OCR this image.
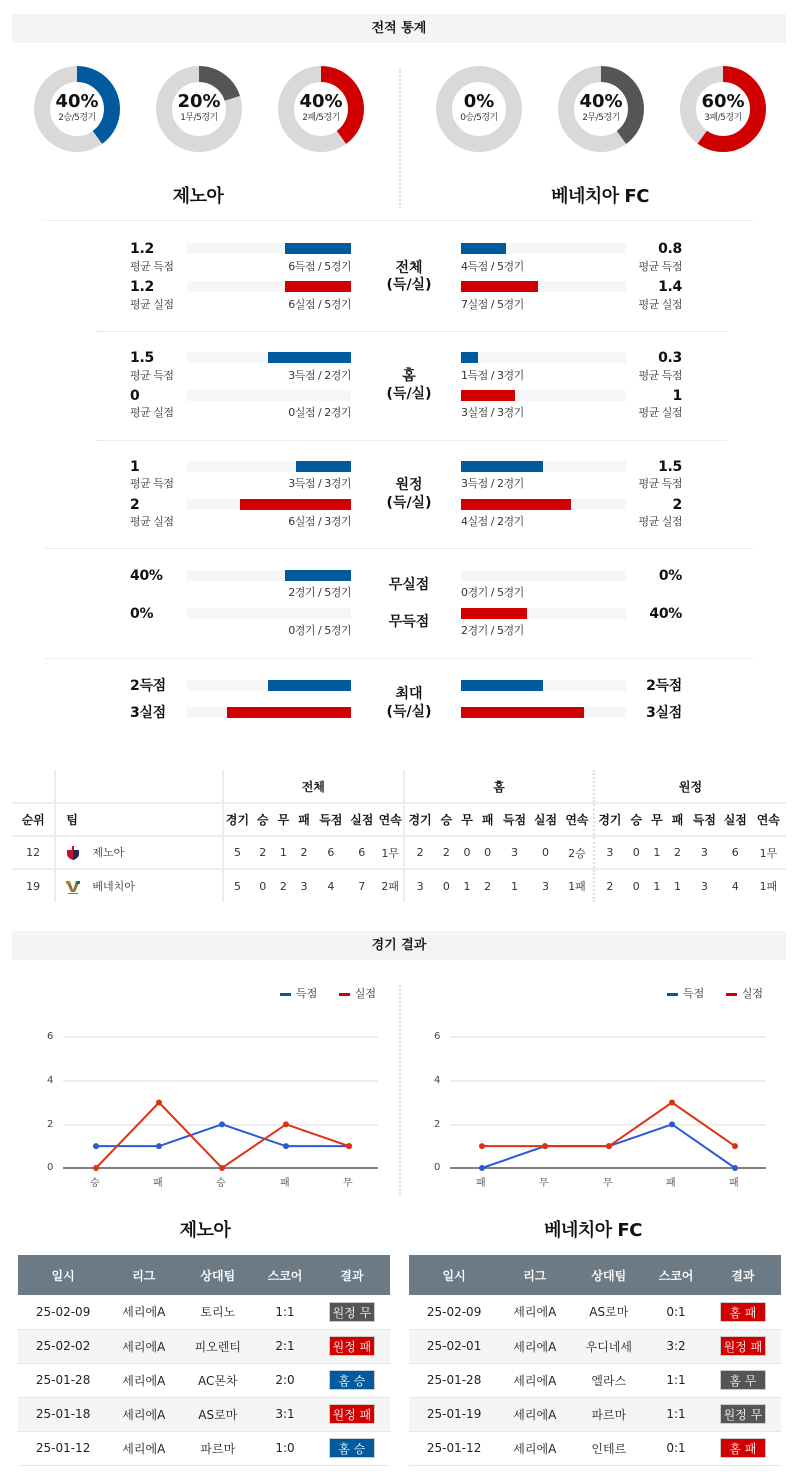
전적 통계
40%
2승/5경기
20%
1무/5경기
40%
2패/5경기
0%
0승/5경기
40%
2무/5경기
60%
3패/5경기
제노아	베네치아 FC
1.2
평균 득점	6득점 / 5경기
1.2
평균 실점	6실점 / 5경기
전체
(득/실)
4득점 / 5경기
0.8
평균 득점
7실점 / 5경기
1.4
평균 실점
1.5
평균 득점	3득점 / 2경기
0
평균 실점	0실점 / 2경기
홈
(득/실)
1득점 / 3경기
0.3
평균 득점
3실점 / 3경기
1
평균 실점
1
평균 득점	3득점 / 3경기
2
평균 실점	6실점 / 3경기
원정
(득/실)
3득점 / 2경기
1.5
평균 득점
4실점 / 2경기
2
평균 실점
40%
2경기 / 5경기
0%
0경기 / 5경기
무실점
무득점
0경기 / 5경기
0%
2경기 / 5경기
40%
2득점
3실점
최대
(득/실)
2득점
3실점
		전체							홈							원정						
순위	팀	경기	승	무	패	득점	실점	연속	경기	승	무	패	득점	실점	연속	경기	승	무	패	득점	실점	연속
12	제노아	5	2	1	2	6	6	1무	2	2	0	0	3	0	2승	3	0	1	2	3	6	1무
19	베네치아	5	0	2	3	4	7	2패	3	0	1	2	1	3	1패	2	0	1	1	3	4	1패
경기 결과
득점	실점	득점	실점
6
4
2
0
승	패	승	패	무
6
4
2
0
패	무	무	패	패
제노아	베네치아 FC
일시	리그	상대팀	스코어	결과
25-02-09	세리에A	토리노	1:1	원정 무
25-02-02	세리에A	피오렌티	2:1	원정 패
25-01-28	세리에A	AC몬차	2:0	홈 승
25-01-18	세리에A	AS로마	3:1	원정 패
25-01-12	세리에A	파르마	1:0	홈 승
일시	리그	상대팀	스코어	결과
25-02-09	세리에A	AS로마	0:1	홈 패
25-02-01	세리에A	우디네세	3:2	원정 패
25-01-28	세리에A	엘라스	1:1	홈 무
25-01-19	세리에A	파르마	1:1	원정 무
25-01-12	세리에A	인테르	0:1	홈 패
